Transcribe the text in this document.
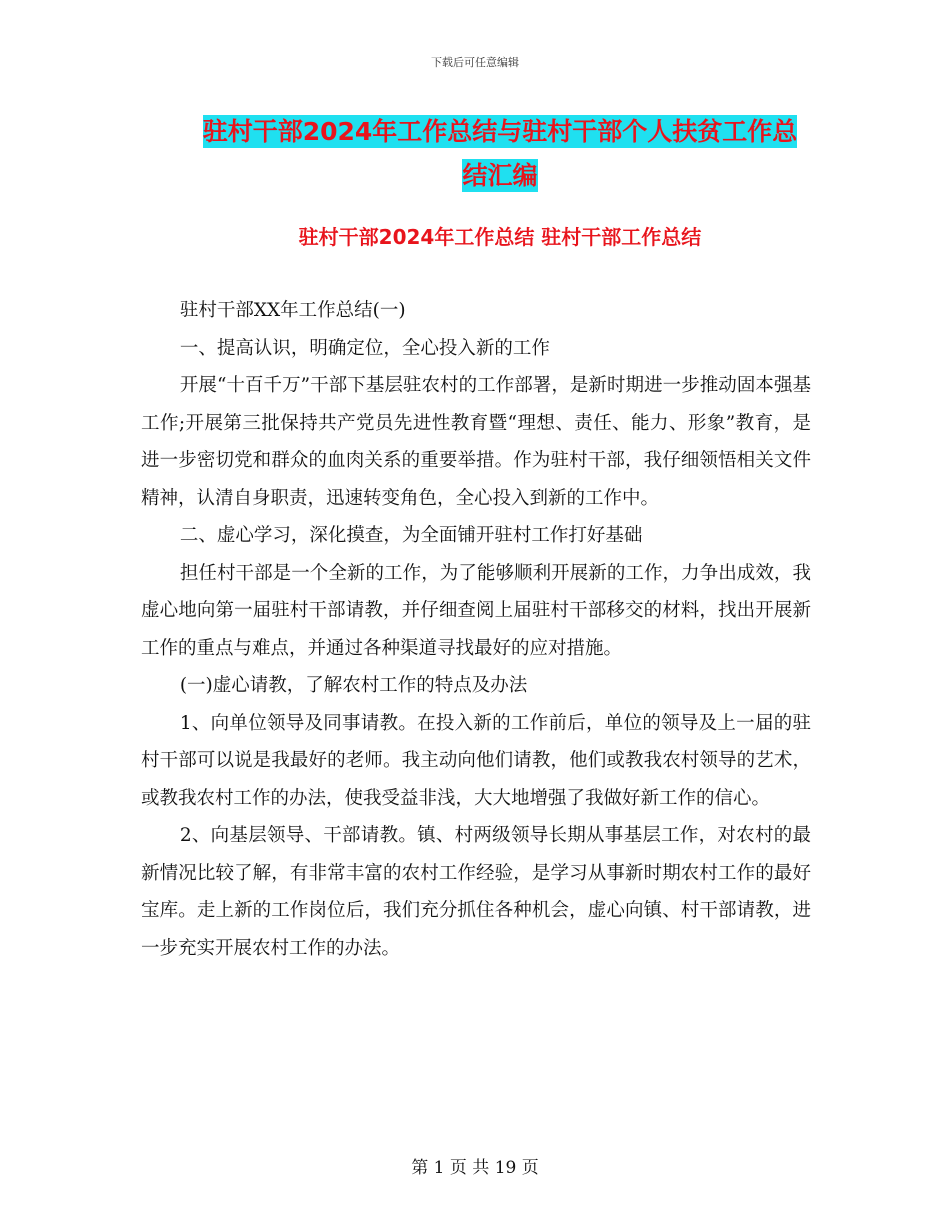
下载后可任意编辑
驻村干部2024年工作总结与驻村干部个人扶贫工作总
结汇编
驻村干部2024年工作总结 驻村干部工作总结

驻村干部XX年工作总结(一)

一、提高认识，明确定位，全心投入新的工作

开展“十百千万”干部下基层驻农村的工作部署，是新时期进一步推动固本强基工作;开展第三批保持共产党员先进性教育暨“理想、责任、能力、形象”教育，是进一步密切党和群众的血肉关系的重要举措。作为驻村干部，我仔细领悟相关文件精神，认清自身职责，迅速转变角色，全心投入到新的工作中。

二、虚心学习，深化摸查，为全面铺开驻村工作打好基础

担任村干部是一个全新的工作，为了能够顺利开展新的工作，力争出成效，我虚心地向第一届驻村干部请教，并仔细查阅上届驻村干部移交的材料，找出开展新工作的重点与难点，并通过各种渠道寻找最好的应对措施。

(一)虚心请教，了解农村工作的特点及办法

1、向单位领导及同事请教。在投入新的工作前后，单位的领导及上一届的驻村干部可以说是我最好的老师。我主动向他们请教，他们或教我农村领导的艺术，或教我农村工作的办法，使我受益非浅，大大地增强了我做好新工作的信心。

2、向基层领导、干部请教。镇、村两级领导长期从事基层工作，对农村的最新情况比较了解，有非常丰富的农村工作经验，是学习从事新时期农村工作的最好宝库。走上新的工作岗位后，我们充分抓住各种机会，虚心向镇、村干部请教，进一步充实开展农村工作的办法。

第 1 页 共 19 页
